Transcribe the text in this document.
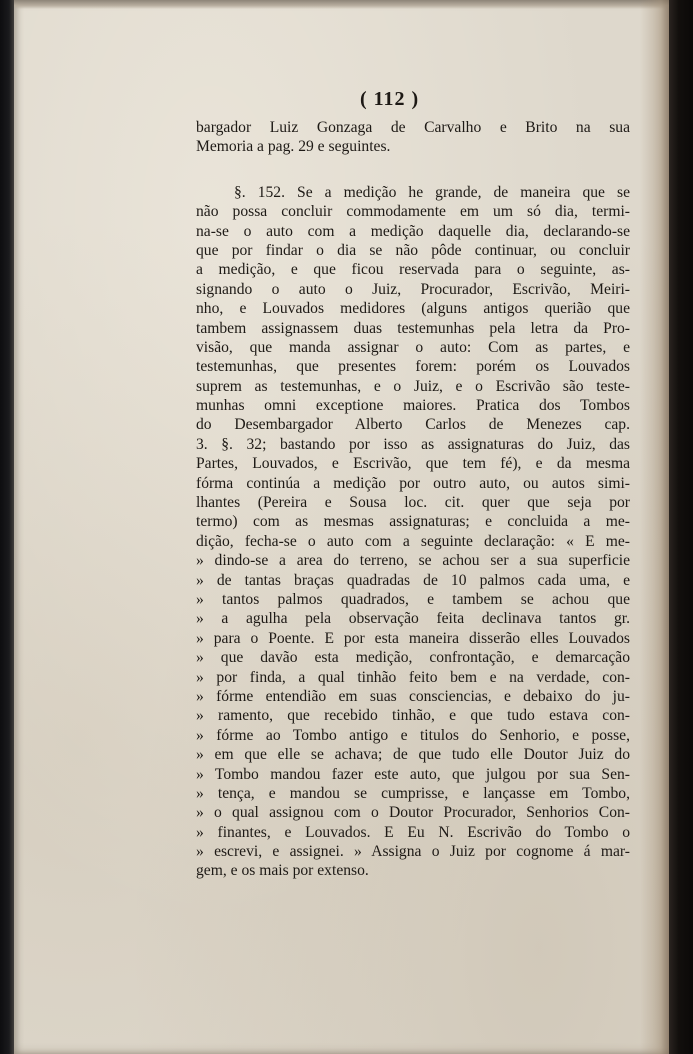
( 112 )
bargador Luiz Gonzaga de Carvalho e Brito na sua
Memoria a pag. 29 e seguintes.
§. 152. Se a medição he grande, de maneira que se
não possa concluir commodamente em um só dia, termi-
na-se o auto com a medição daquelle dia, declarando-se
que por findar o dia se não pôde continuar, ou concluir
a medição, e que ficou reservada para o seguinte, as-
signando o auto o Juiz, Procurador, Escrivão, Meiri-
nho, e Louvados medidores (alguns antigos querião que
tambem assignassem duas testemunhas pela letra da Pro-
visão, que manda assignar o auto: Com as partes, e
testemunhas, que presentes forem: porém os Louvados
suprem as testemunhas, e o Juiz, e o Escrivão são teste-
munhas omni exceptione maiores. Pratica dos Tombos
do Desembargador Alberto Carlos de Menezes cap.
3. §. 32; bastando por isso as assignaturas do Juiz, das
Partes, Louvados, e Escrivão, que tem fé), e da mesma
fórma continúa a medição por outro auto, ou autos simi-
lhantes (Pereira e Sousa loc. cit. quer que seja por
termo) com as mesmas assignaturas; e concluida a me-
dição, fecha-se o auto com a seguinte declaração: « E me-
» dindo-se a area do terreno, se achou ser a sua superficie
» de tantas braças quadradas de 10 palmos cada uma, e
» tantos palmos quadrados, e tambem se achou que
» a agulha pela observação feita declinava tantos gr.
» para o Poente. E por esta maneira disserão elles Louvados
» que davão esta medição, confrontação, e demarcação
» por finda, a qual tinhão feito bem e na verdade, con-
» fórme entendião em suas consciencias, e debaixo do ju-
» ramento, que recebido tinhão, e que tudo estava con-
» fórme ao Tombo antigo e titulos do Senhorio, e posse,
» em que elle se achava; de que tudo elle Doutor Juiz do
» Tombo mandou fazer este auto, que julgou por sua Sen-
» tença, e mandou se cumprisse, e lançasse em Tombo,
» o qual assignou com o Doutor Procurador, Senhorios Con-
» finantes, e Louvados. E Eu N. Escrivão do Tombo o
» escrevi, e assignei. » Assigna o Juiz por cognome á mar-
gem, e os mais por extenso.
